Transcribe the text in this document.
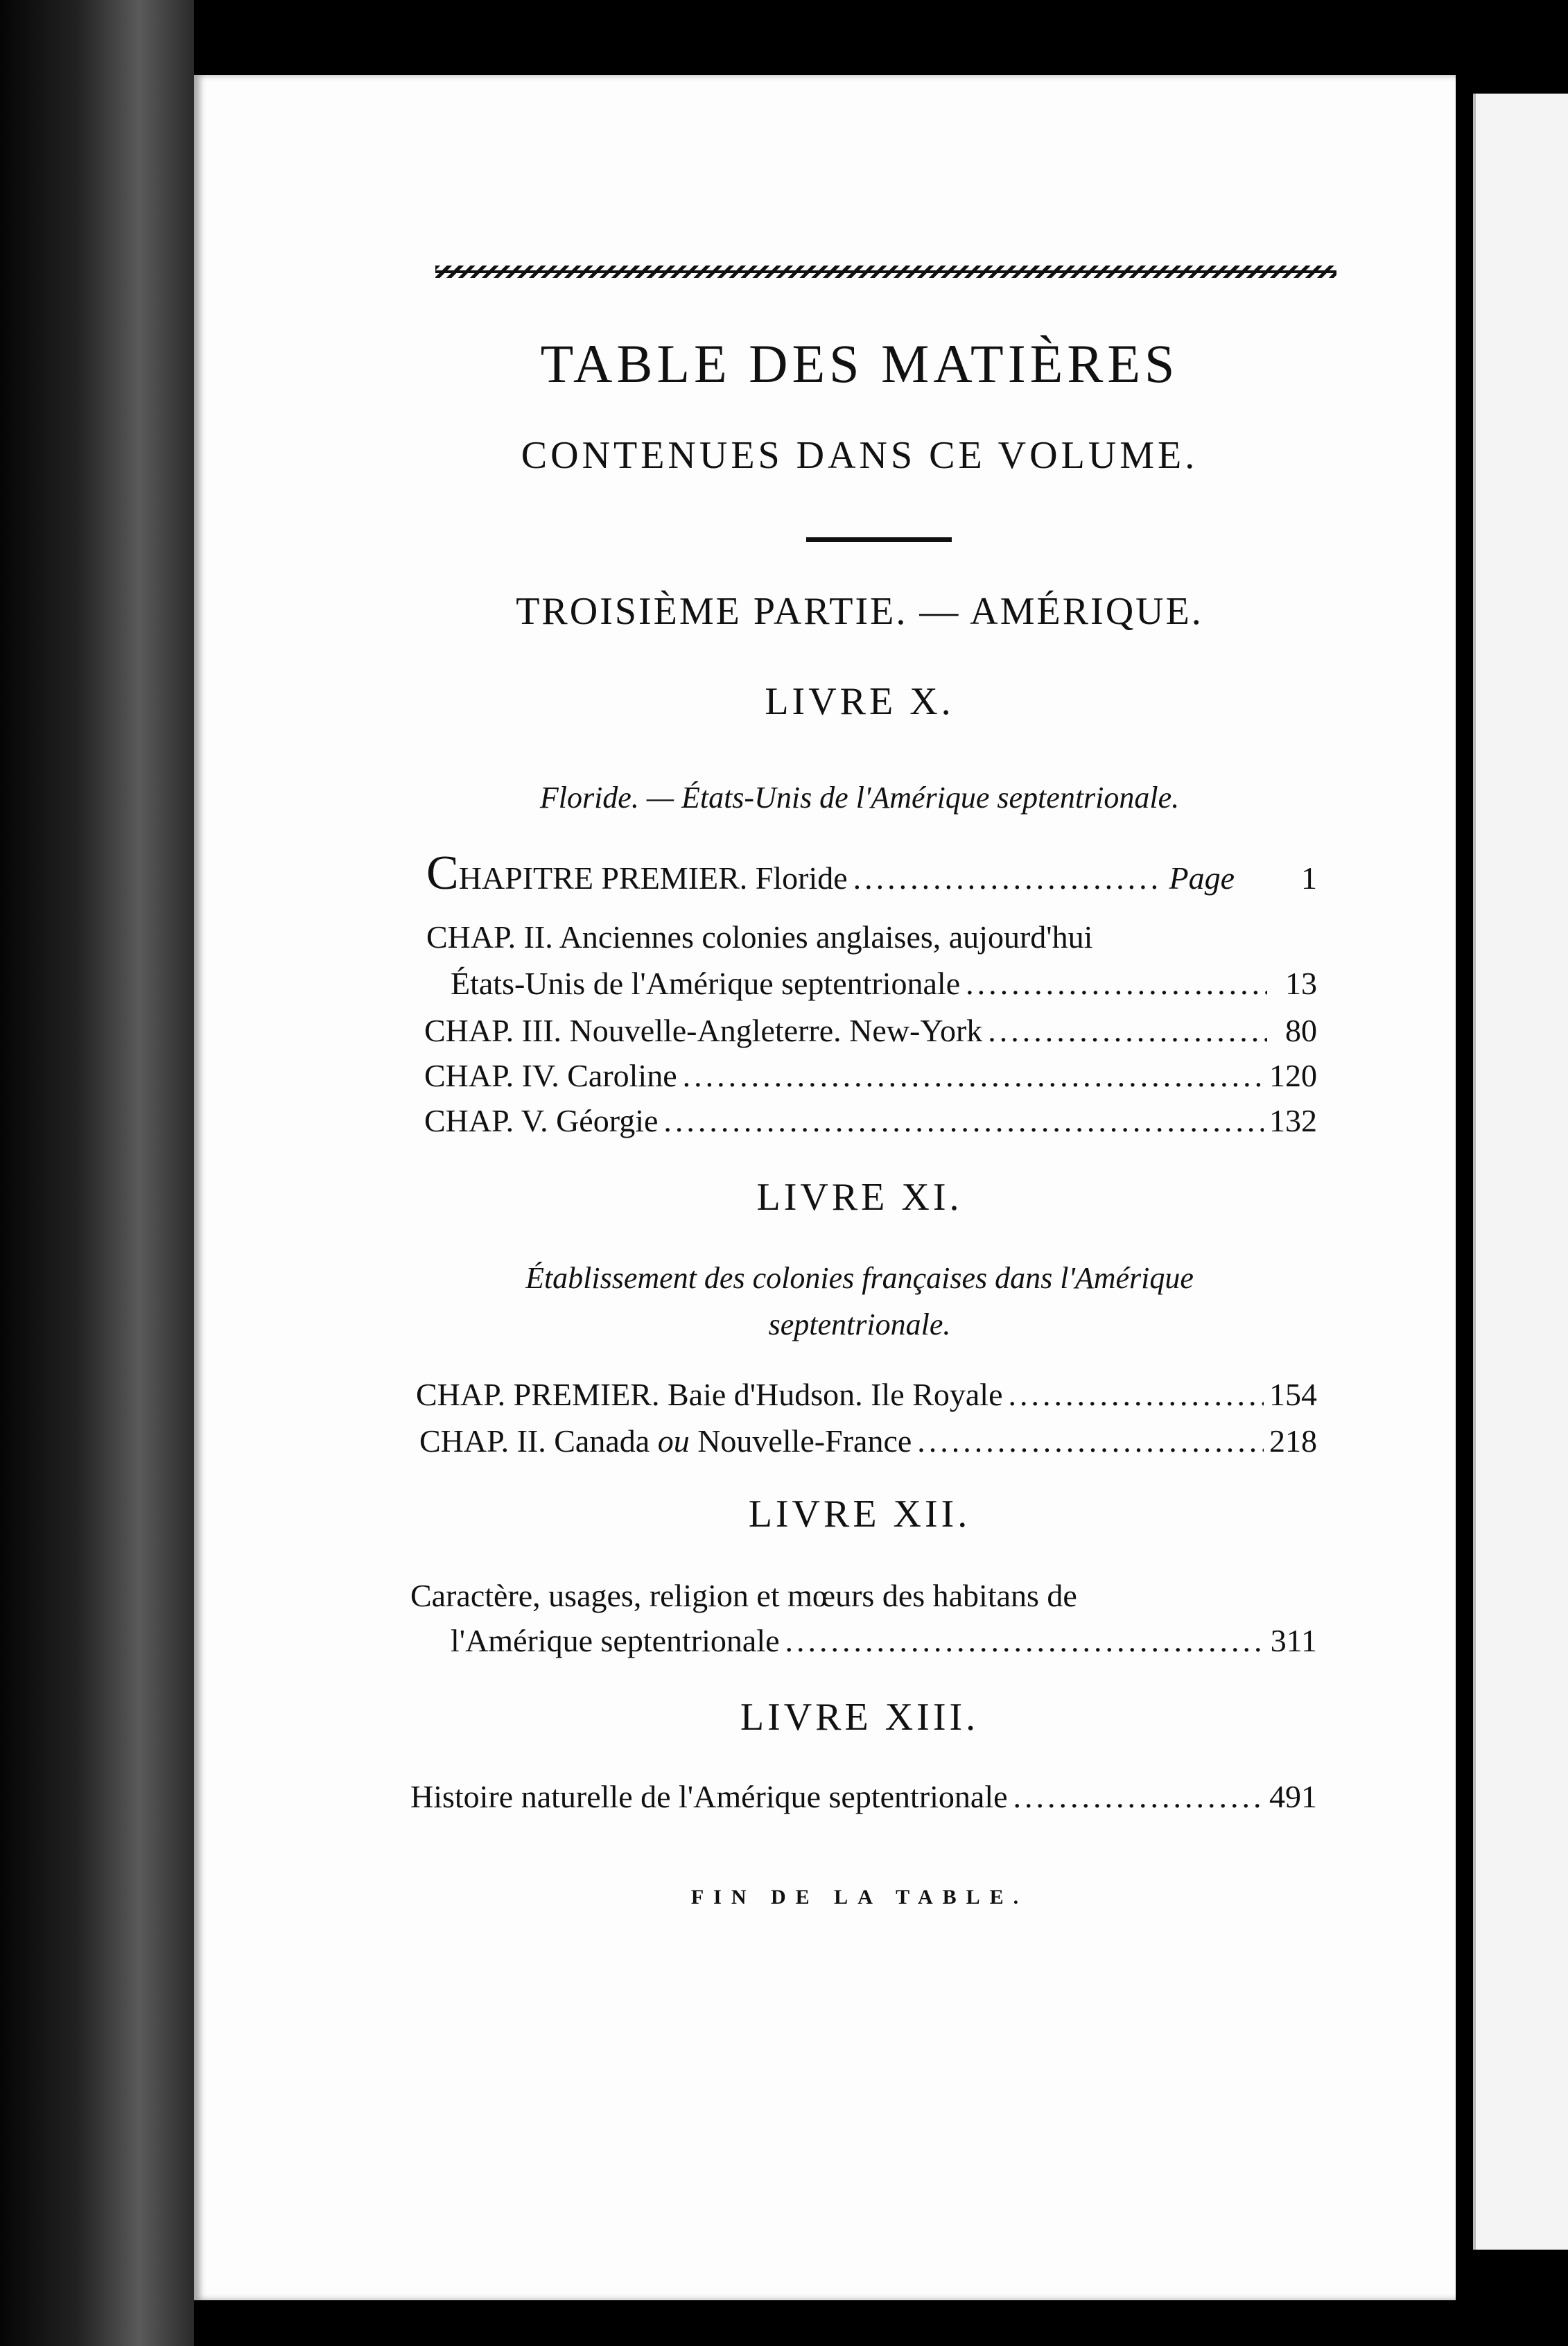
TABLE DES MATIÈRES
CONTENUES DANS CE VOLUME.
TROISIÈME PARTIE. — AMÉRIQUE.
LIVRE X.
Floride. — États-Unis de l'Amérique septentrionale.
CHAPITRE PREMIER. Floride .....	Page	1
CHAP. II. Anciennes colonies anglaises, aujourd'hui
États-Unis de l'Amérique septentrionale .....	13
CHAP. III. Nouvelle-Angleterre. New-York .....	80
CHAP. IV. Caroline .....	120
CHAP. V. Géorgie .....	132
LIVRE XI.
Établissement des colonies françaises dans l'Amérique
septentrionale.
CHAP. PREMIER. Baie d'Hudson. Ile Royale .....	154
CHAP. II. Canada ou Nouvelle-France .....	218
LIVRE XII.
Caractère, usages, religion et mœurs des habitans de
l'Amérique septentrionale .....	311
LIVRE XIII.
Histoire naturelle de l'Amérique septentrionale .....	491
FIN DE LA TABLE.
